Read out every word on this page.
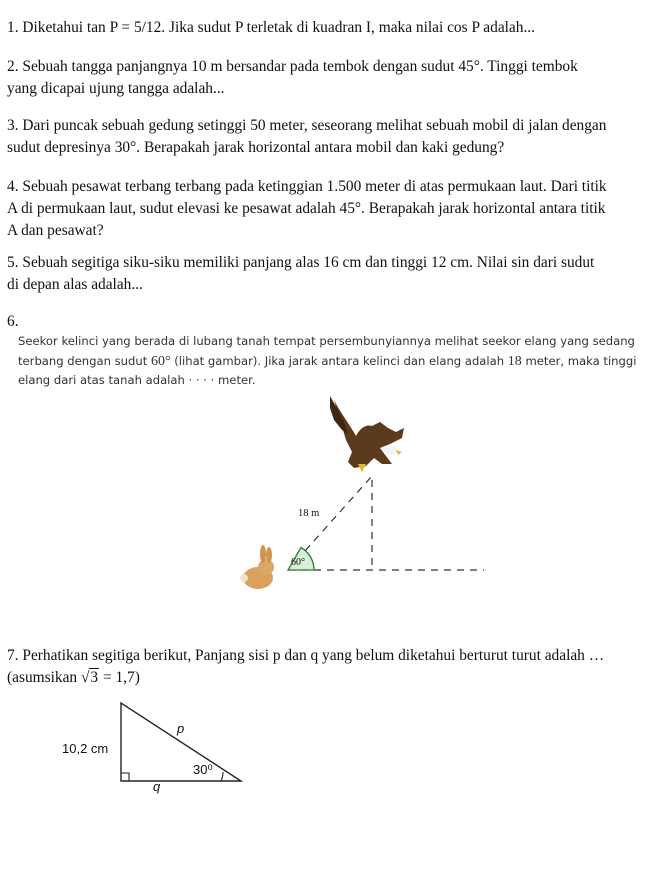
1. Diketahui tan P = 5/12. Jika sudut P terletak di kuadran I, maka nilai cos P adalah...

2. Sebuah tangga panjangnya 10 m bersandar pada tembok dengan sudut 45°. Tinggi tembok

yang dicapai ujung tangga adalah...

3. Dari puncak sebuah gedung setinggi 50 meter, seseorang melihat sebuah mobil di jalan dengan

sudut depresinya 30°. Berapakah jarak horizontal antara mobil dan kaki gedung?

4. Sebuah pesawat terbang terbang pada ketinggian 1.500 meter di atas permukaan laut. Dari titik

A di permukaan laut, sudut elevasi ke pesawat adalah 45°. Berapakah jarak horizontal antara titik

A dan pesawat?

5. Sebuah segitiga siku-siku memiliki panjang alas 16 cm dan tinggi 12 cm. Nilai sin dari sudut

di depan alas adalah...

6.

Seekor kelinci yang berada di lubang tanah tempat persembunyiannya melihat seekor elang yang sedang

terbang dengan sudut 60° (lihat gambar). Jika jarak antara kelinci dan elang adalah 18 meter, maka tinggi

elang dari atas tanah adalah · · · · meter.

18 m
60°

7. Perhatikan segitiga berikut, Panjang sisi p dan q yang belum diketahui berturut turut adalah …

(asumsikan √3 = 1,7)

10,2 cm
p
q
30⁰
